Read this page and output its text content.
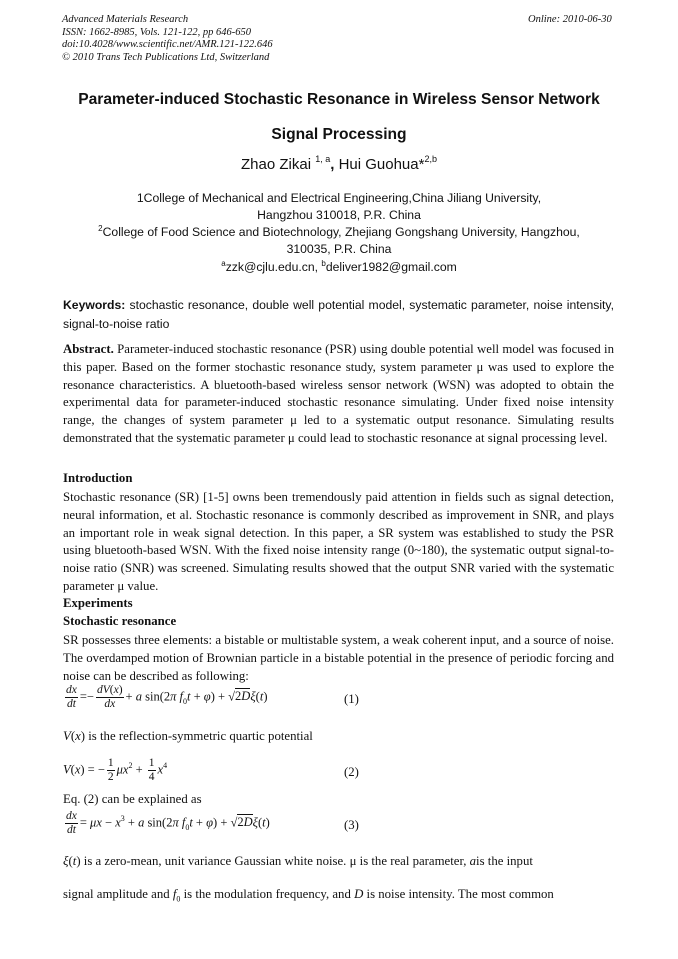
Advanced Materials Research
ISSN: 1662-8985, Vols. 121-122, pp 646-650
doi:10.4028/www.scientific.net/AMR.121-122.646
© 2010 Trans Tech Publications Ltd, Switzerland
Online: 2010-06-30
Parameter-induced Stochastic Resonance in Wireless Sensor Network
Signal Processing
Zhao Zikai $^{1, a}$, Hui Guohua*$^{2,b}$
1College of Mechanical and Electrical Engineering,China Jiliang University,
Hangzhou 310018, P.R. China
$^2$College of Food Science and Biotechnology, Zhejiang Gongshang University, Hangzhou,
310035, P.R. China
$^a$zzk@cjlu.edu.cn, $^b$deliver1982@gmail.com
Keywords: stochastic resonance, double well potential model, systematic parameter, noise intensity, signal-to-noise ratio

Abstract. Parameter-induced stochastic resonance (PSR) using double potential well model was focused in this paper. Based on the former stochastic resonance study, system parameter μ was used to explore the resonance characteristics. A bluetooth-based wireless sensor network (WSN) was adopted to obtain the experimental data for parameter-induced stochastic resonance simulating. Under fixed noise intensity range, the changes of system parameter μ led to a systematic output resonance. Simulating results demonstrated that the systematic parameter μ could lead to stochastic resonance at signal processing level.

Introduction
Stochastic resonance (SR) [1-5] owns been tremendously paid attention in fields such as signal detection, neural information, et al. Stochastic resonance is commonly described as improvement in SNR, and plays an important role in weak signal detection. In this paper, a SR system was established to study the PSR using bluetooth-based WSN. With the fixed noise intensity range (0~180), the systematic output signal-to-noise ratio (SNR) was screened. Simulating results showed that the output SNR varied with the systematic parameter μ value.
Experiments
Stochastic resonance
SR possesses three elements: a bistable or multistable system, a weak coherent input, and a source of noise. The overdamped motion of Brownian particle in a bistable potential in the presence of periodic forcing and noise can be described as following:
$\frac{dx}{dt} =- \frac{dV(x)}{dx} + a$ sin(2π $f_0t + \varphi) + √2D\xi(t)$	(1)
V(x) is the reflection-symmetric quartic potential
V(x) = − $\frac{1}{2} \mu x^2 + \frac{1}{4} x^4$	(2)
Eq. (2) can be explained as
$\frac{dx}{dt} = \mu x - x^3 + a$ sin(2π $f_0t + \varphi) + √2D\xi(t)$	(3)
ξ(t) is a zero-mean, unit variance Gaussian white noise. μ is the real parameter, ais the input
signal amplitude and $f_0$ is the modulation frequency, and D is noise intensity. The most common
